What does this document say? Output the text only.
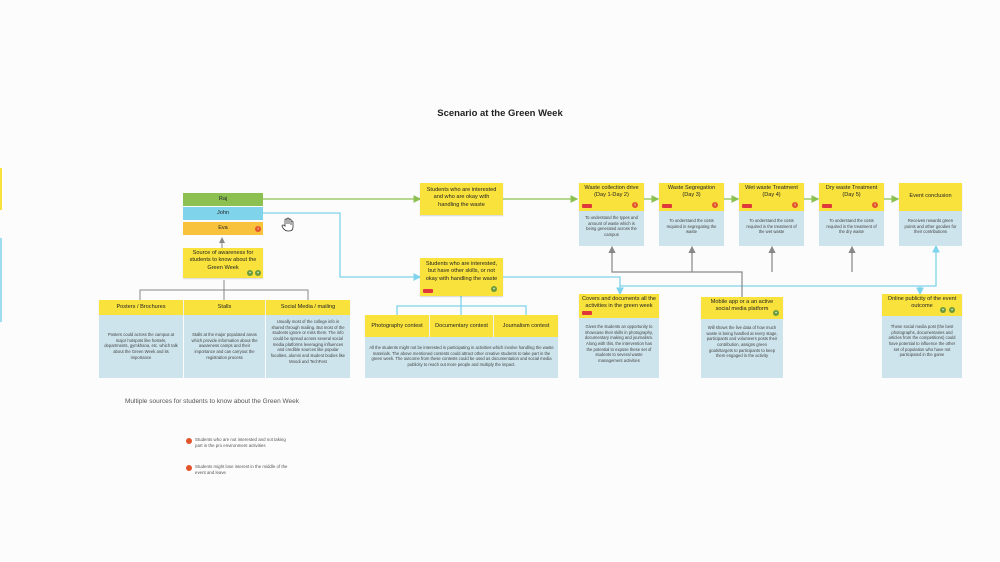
Scenario at the Green Week
Raj
John
Eva	!
Source of awareness for students to know about the Green Week
+	+
Posters / Brochures
Posters could across the campus at major hotspots like hostels, departments, gymkhana, etc. which talk about the Green Week and its importance
Stalls
Stalls at the major populated areas which provide information about the awareness camps and their importance and can carryout the registration process
Social Media / mailing
Usually most of the college info is shared through mailing. But most of the students ignore or miss them. The info could be spread across several social media platforms leveraging influences and credible sources like popular faculties, alumni and student bodies like Moodi and TechFest
Multiple sources for students to know about the Green Week
Students who are not interested and not taking part in the pro environment activities
Students might lose interest in the middle of the event and leave
Students who are interested and who are okay with handling the waste
Students who are interested, but have other skills, or not okay with handling the waste
+
Photography contest	Documentary contest	Journalism contest
All the students might not be interested in participating in activities which involve handling the waste materials. The above mentioned contests could attract other creative students to take part in the green week. The outcome from these contests could be used as documentation and social media publicity to reach out more people and multiply the impact.
Waste collection drive (Day 1-Day 2)
!
To understand the types and amount of waste which is being generated across the campus
Waste Segregation (Day 3)
!
To understand the costs required in segregating the waste
Wet waste Treatment (Day 4)
!
To understand the costs required in the treatment of the wet waste
Dry waste Treatment (Day 5)
!
To understand the costs required in the treatment of the dry waste
Event conclusion
Receives rewards green points and other goodies for their contributions
Covers and documents all the activities in the green week
Gives the students an opportunity to showcase their skills in photography, documentary making and journalism. Along with this, the intervention has the potential to expose these set of students to several waste management activities
Mobile app or a an active social media platform
+
Will shows the live data of how much waste is being handled at every stage, participants and volunteers posts their contribution, assigns green goals/targets to participants to keep them engaged in the activity
Online publicity of the event outcome
+	+
These social media post (the best photographs, documentaries and articles from the competitions) could have potential to influence the other set of population who have not participated in the game
